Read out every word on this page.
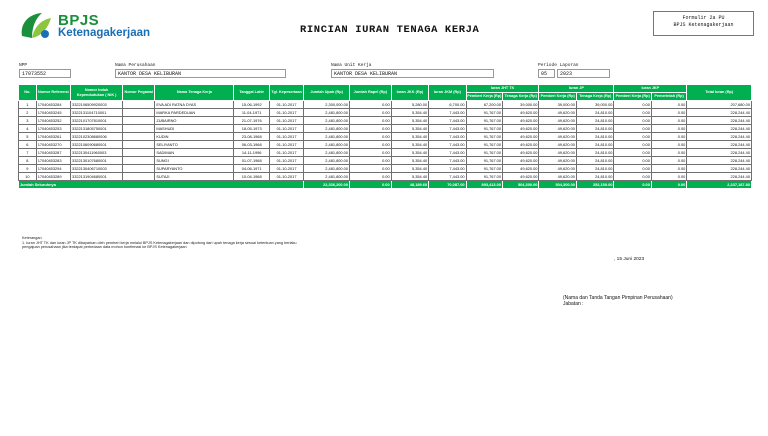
BPJS
Ketenagakerjaan	RINCIAN IURAN TENAGA KERJA
Formulir 2a PU
BPJS Ketenagakerjaan
NPP
17073552
Nama Perusahaan
KANTOR DESA KELIBURAN
Nama Unit Kerja
KANTOR DESA KELIBURAN
Periode Laporan
05	2023
No.	Nomor Referensi	Nomor Induk Kependudukan ( NIK )	Nomor Pegawai	Nama Tenaga Kerja	Tanggal Lahir	Tgl. Kepesertaan	Jumlah Upah (Rp)	Jumlah Rapel (Rp)	Iuran JKK (Rp)	Iuran JKM (Rp)	Iuran JHT TK		Iuran JP		Iuran JKP		Total Iuran (Rp)
											Pemberi Kerja (Rp)	Tenaga Kerja (Rp)	Pemberi Kerja (Rp)	Tenaga Kerja (Rp)	Pemberi Kerja (Rp)	Pemerintah (Rp)	
1	17040453284	3322106509920003		EVA ADI RATNA DYAS	15-06-1992	01-10-2017	2,300,000.00	0.00	5,280.00	6,700.00	67,200.00	39,000.00	39,000.00	39,000.00	0.00	0.00	207,680.00
2	17040453245	3322131104710001		MARKA PARDEDUAN	11-04-1971	01-10-2017	2,481,800.00	0.00	5,354.40	7,443.00	91,767.00	49,620.00	49,620.00	24,810.00	0.00	0.00	228,244.40
3	17040453252	3322101707810001		ZUBAIRNO	21-07-1976	01-10-2017	2,481,800.00	0.00	5,354.40	7,443.00	91,767.00	49,620.00	49,620.00	24,810.00	0.00	0.00	228,244.40
4	17040453253	3322131805750001		MASHUDI	18-05-1973	01-10-2017	2,481,800.00	0.00	5,354.40	7,443.00	91,767.00	49,620.00	49,620.00	24,810.00	0.00	0.00	228,244.40
5	17040453261	3322102308680006		KUDIN	23-08-1968	01-10-2017	2,481,800.00	0.00	5,354.40	7,443.00	91,767.00	49,620.00	49,620.00	24,810.00	0.00	0.00	228,244.40
6	17040453270	3322106090680001		SELIYANTO	06-03-1968	01-10-2017	2,481,800.00	0.00	5,354.40	7,443.00	91,767.00	49,620.00	49,620.00	24,810.00	0.00	0.00	228,244.40
7	17040453287	3322130411960003		SADIMAN	14-11-1996	01-10-2017	2,481,800.00	0.00	5,354.40	7,443.00	91,767.00	49,620.00	49,620.00	24,810.00	0.00	0.00	228,244.40
8	17040453283	3322130107680001		SUNGI	01-07-1968	01-10-2017	2,481,800.00	0.00	5,354.40	7,443.00	91,767.00	49,620.00	49,620.00	24,810.00	0.00	0.00	228,244.40
9	17040453294	3322130406710003		SUPARYANTO	04-06-1971	01-10-2017	2,481,800.00	0.00	5,354.40	7,443.00	91,767.00	49,620.00	49,620.00	24,810.00	0.00	0.00	228,244.40
10	17040453289	3322131904680001		SUTAJI	10-04-1968	01-10-2017	2,481,800.00	0.00	5,354.40	7,443.00	91,767.00	49,620.00	49,620.00	24,810.00	0.00	0.00	228,244.40
Jumlah Seluruhnya							22,336,200.00	0.00	48,189.60	70,087.00	893,413.00	504,300.00	504,300.00	252,150.00	0.00	0.00	2,337,187.80
Keterangan
1. Iuran JHT TK dan iuran JP TK dibayarkan oleh pemberi kerja melalui BPJS Ketenagakerjaan dan dipotong dari upah tenaga kerja sesuai ketentuan yang berlaku
pengajuan perusahaan jika terdapat perbedaan data mohon konfirmasi ke BPJS Ketenagakerjaan
, 15 Juni 2023
(Nama dan Tanda Tangan Pimpinan Perusahaan)
Jabatan :
